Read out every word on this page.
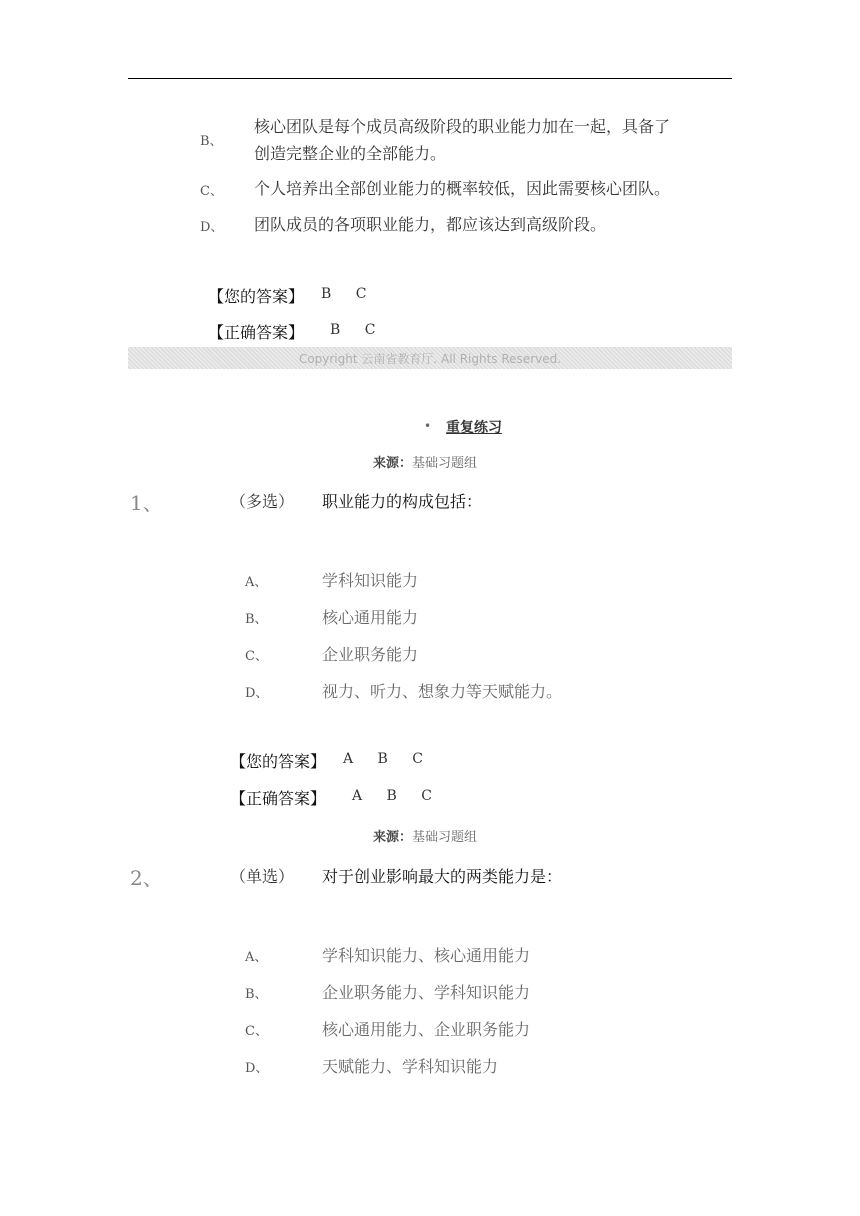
B、
核心团队是每个成员高级阶段的职业能力加在一起，具备了
创造完整企业的全部能力。
C、 个人培养出全部创业能力的概率较低，因此需要核心团队。
D、 团队成员的各项职业能力，都应该达到高级阶段。
【您的答案】 B C
【正确答案】 B C
Copyright 云南省教育厅. All Rights Reserved.
• 重复练习
来源：基础习题组
1、	（多选） 职业能力的构成包括：
A、	学科知识能力
B、	核心通用能力
C、	企业职务能力
D、	视力、听力、想象力等天赋能力。
【您的答案】 A B C
【正确答案】 A B C
来源：基础习题组
2、	（单选） 对于创业影响最大的两类能力是：
A、	学科知识能力、核心通用能力
B、	企业职务能力、学科知识能力
C、	核心通用能力、企业职务能力
D、	天赋能力、学科知识能力
